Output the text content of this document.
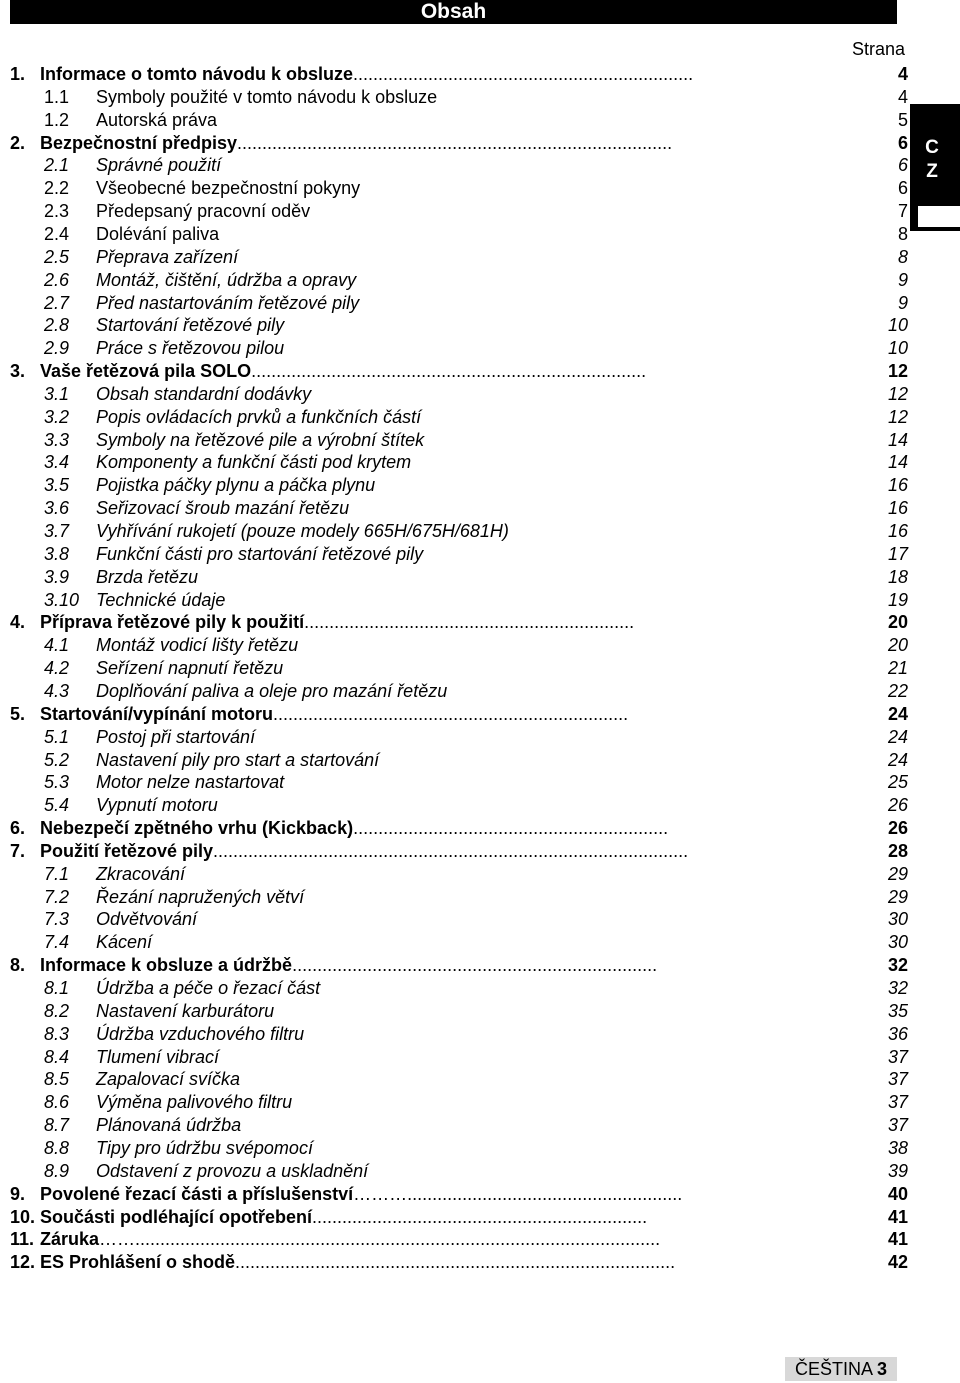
Obsah
C
Z
Strana
1. Informace o tomto návodu k obsluze....................................................................	4
1.1 Symboly použité v tomto návodu k obsluze	4
1.2 Autorská práva	5
2. Bezpečnostní předpisy.......................................................................................	6
2.1 Správné použití	6
2.2 Všeobecné bezpečnostní pokyny	6
2.3 Předepsaný pracovní oděv	7
2.4 Dolévání paliva	8
2.5 Přeprava zařízení	8
2.6 Montáž, čištění, údržba a opravy	9
2.7 Před nastartováním řetězové pily	9
2.8 Startování řetězové pily	10
2.9 Práce s řetězovou pilou	10
3. Vaše řetězová pila SOLO...............................................................................	12
3.1 Obsah standardní dodávky	12
3.2 Popis ovládacích prvků a funkčních částí	12
3.3 Symboly na řetězové pile a výrobní štítek	14
3.4 Komponenty a funkční části pod krytem	14
3.5 Pojistka páčky plynu a páčka plynu	16
3.6 Seřizovací šroub mazání řetězu	16
3.7 Vyhřívání rukojetí (pouze modely 665H/675H/681H)	16
3.8 Funkční části pro startování řetězové pily	17
3.9 Brzda řetězu	18
3.10 Technické údaje	19
4. Příprava řetězové pily k použití..................................................................	20
4.1 Montáž vodicí lišty řetězu	20
4.2 Seřízení napnutí řetězu	21
4.3 Doplňování paliva a oleje pro mazání řetězu	22
5. Startování/vypínání motoru.......................................................................	24
5.1 Postoj při startování	24
5.2 Nastavení pily pro start a startování	24
5.3 Motor nelze nastartovat	25
5.4 Vypnutí motoru	26
6. Nebezpečí zpětného vrhu (Kickback)...............................................................	26
7. Použití řetězové pily...............................................................................................	28
7.1 Zkracování	29
7.2 Řezání napružených větví	29
7.3 Odvětvování	30
7.4 Kácení	30
8. Informace k obsluze a údržbě.........................................................................	32
8.1 Údržba a péče o řezací část	32
8.2 Nastavení karburátoru	35
8.3 Údržba vzduchového filtru	36
8.4 Tlumení vibrací	37
8.5 Zapalovací svíčka	37
8.6 Výměna palivového filtru	37
8.7 Plánovaná údržba	37
8.8 Tipy pro údržbu svépomocí	38
8.9 Odstavení z provozu a uskladnění	39
9. Povolené řezací části a příslušenství……….......................................................	40
10. Součásti podléhající opotřebení...................................................................	41
11. Záruka…….........................................................................................................	41
12. ES Prohlášení o shodě........................................................................................	42
ČEŠTINA 3
